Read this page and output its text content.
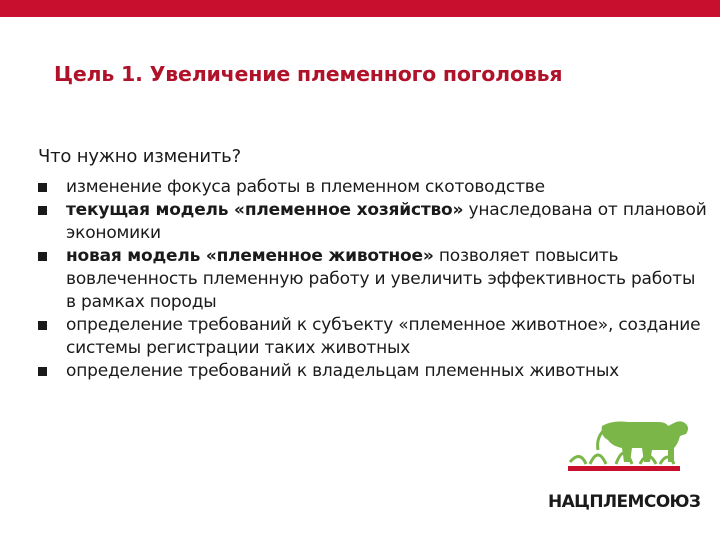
Цель 1. Увеличение племенного поголовья
Что нужно изменить?
изменение фокуса работы в племенном скотоводстве
текущая модель «племенное хозяйство» унаследована от плановой экономики
новая модель «племенное животное» позволяет повысить вовлеченность племенную работу и увеличить эффективность работы в рамках породы
определение требований к субъекту «племенное животное», создание системы регистрации таких животных
определение требований к владельцам племенных животных
НАЦПЛЕМСОЮЗ
